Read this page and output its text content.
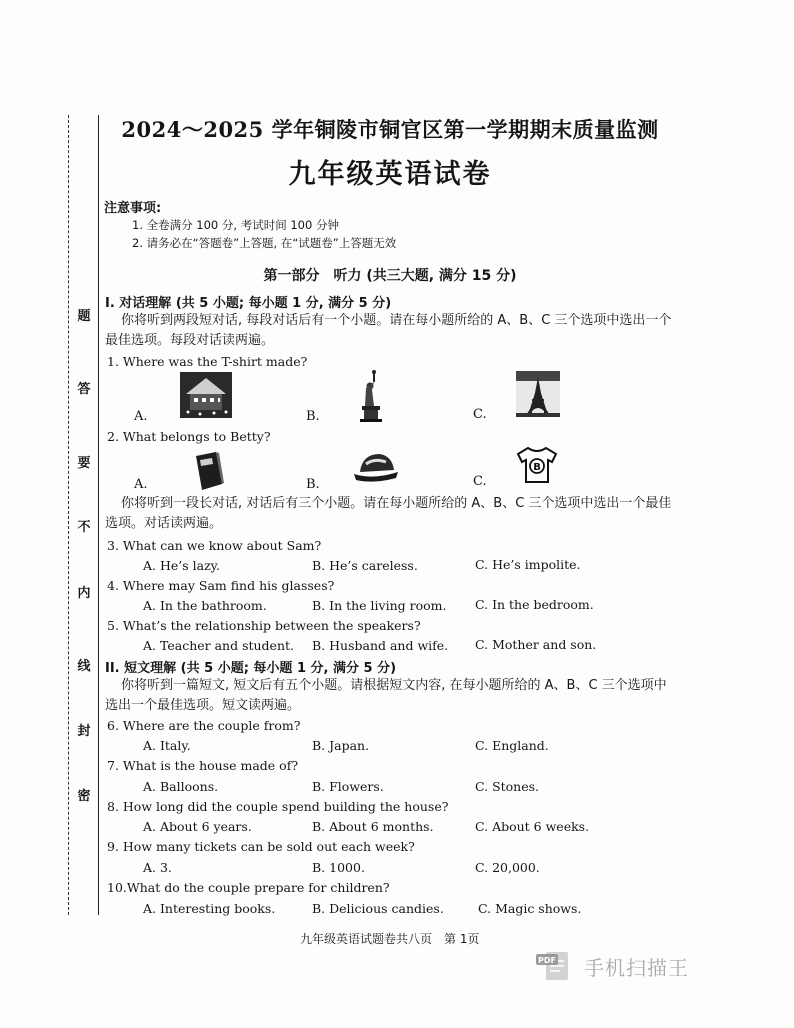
题
答
要
不
内
线
封
密
2024～2025 学年铜陵市铜官区第一学期期末质量监测
九年级英语试卷
注意事项:
1. 全卷满分 100 分, 考试时间 100 分钟
2. 请务必在“答题卷”上答题, 在“试题卷”上答题无效
第一部分　听力 (共三大题, 满分 15 分)
I. 对话理解 (共 5 小题; 每小题 1 分, 满分 5 分)
你将听到两段短对话, 每段对话后有一个小题。请在每小题所给的 A、B、C 三个选项中选出一个最佳选项。每段对话读两遍。
1. Where was the T-shirt made?
A.	B.	C.
2. What belongs to Betty?
A.	B.	C.
B
你将听到一段长对话, 对话后有三个小题。请在每小题所给的 A、B、C 三个选项中选出一个最佳选项。对话读两遍。
3. What can we know about Sam?
A. He’s lazy.	B. He’s careless.	C. He’s impolite.
4. Where may Sam find his glasses?
A. In the bathroom.	B. In the living room. C. In the bedroom.
5. What’s the relationship between the speakers?
A. Teacher and student. B. Husband and wife. C. Mother and son.
II. 短文理解 (共 5 小题; 每小题 1 分, 满分 5 分)
你将听到一篇短文, 短文后有五个小题。请根据短文内容, 在每小题所给的 A、B、C 三个选项中选出一个最佳选项。短文读两遍。
6. Where are the couple from?
A. Italy.	B. Japan.	C. England.
7. What is the house made of?
A. Balloons.	B. Flowers.	C. Stones.
8. How long did the couple spend building the house?
A. About 6 years.	B. About 6 months.	C. About 6 weeks.
9. How many tickets can be sold out each week?
A. 3.	B. 1000.	C. 20,000.
10.What do the couple prepare for children?
A. Interesting books.	B. Delicious candies.	C. Magic shows.
九年级英语试题卷共八页　第 1页
PDF 手机扫描王
